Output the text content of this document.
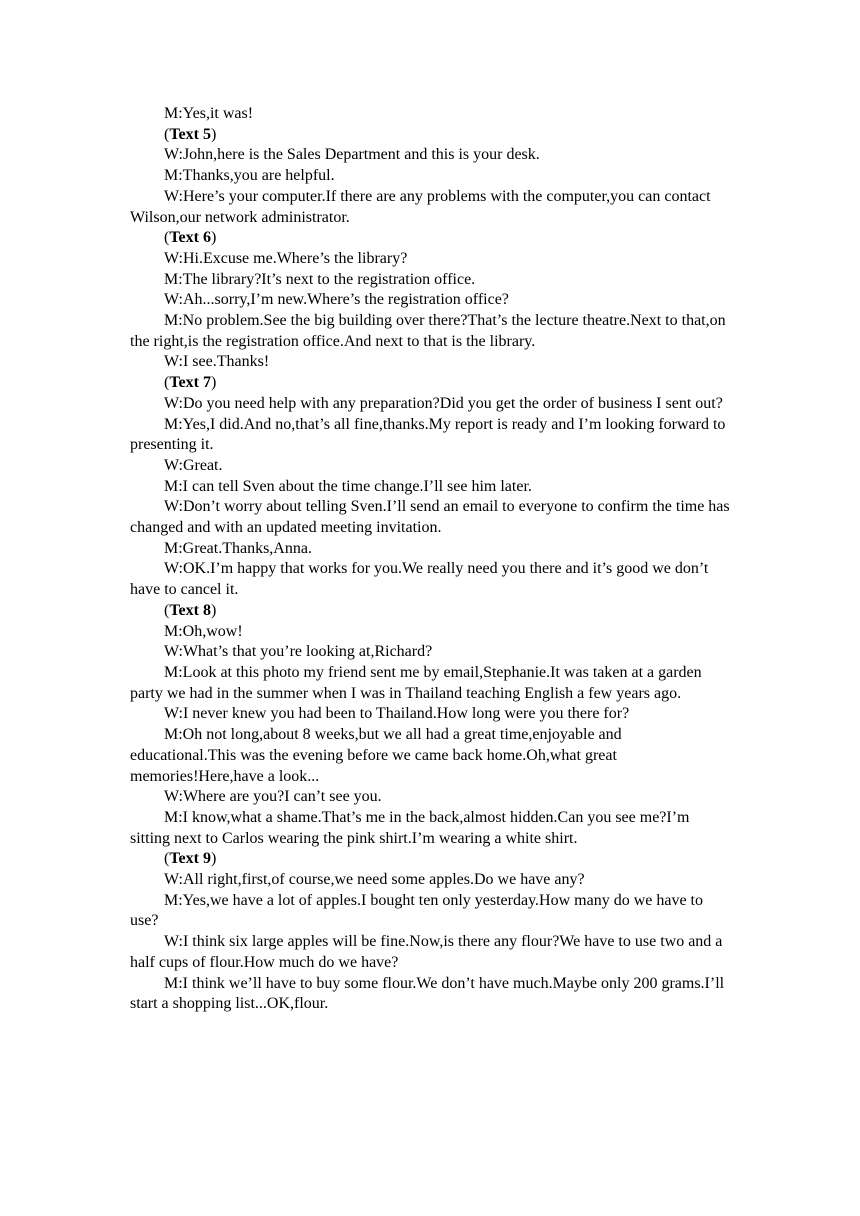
M:Yes,it was!

(Text 5)

W:John,here is the Sales Department and this is your desk.

M:Thanks,you are helpful.

W:Here’s your computer.If there are any problems with the computer,you can contact Wilson,our network administrator.

(Text 6)

W:Hi.Excuse me.Where’s the library?

M:The library?It’s next to the registration office.

W:Ah...sorry,I’m new.Where’s the registration office?

M:No problem.See the big building over there?That’s the lecture theatre.Next to that,on the right,is the registration office.And next to that is the library.

W:I see.Thanks!

(Text 7)

W:Do you need help with any preparation?Did you get the order of business I sent out?

M:Yes,I did.And no,that’s all fine,thanks.My report is ready and I’m looking forward to presenting it.

W:Great.

M:I can tell Sven about the time change.I’ll see him later.

W:Don’t worry about telling Sven.I’ll send an email to everyone to confirm the time has changed and with an updated meeting invitation.

M:Great.Thanks,Anna.

W:OK.I’m happy that works for you.We really need you there and it’s good we don’t have to cancel it.

(Text 8)

M:Oh,wow!

W:What’s that you’re looking at,Richard?

M:Look at this photo my friend sent me by email,Stephanie.It was taken at a garden party we had in the summer when I was in Thailand teaching English a few years ago.

W:I never knew you had been to Thailand.How long were you there for?

M:Oh not long,about 8 weeks,but we all had a great time,enjoyable and educational.This was the evening before we came back home.Oh,what great memories!Here,have a look...

W:Where are you?I can’t see you.

M:I know,what a shame.That’s me in the back,almost hidden.Can you see me?I’m sitting next to Carlos wearing the pink shirt.I’m wearing a white shirt.

(Text 9)

W:All right,first,of course,we need some apples.Do we have any?

M:Yes,we have a lot of apples.I bought ten only yesterday.How many do we have to use?

W:I think six large apples will be fine.Now,is there any flour?We have to use two and a half cups of flour.How much do we have?

M:I think we’ll have to buy some flour.We don’t have much.Maybe only 200 grams.I’ll start a shopping list...OK,flour.
